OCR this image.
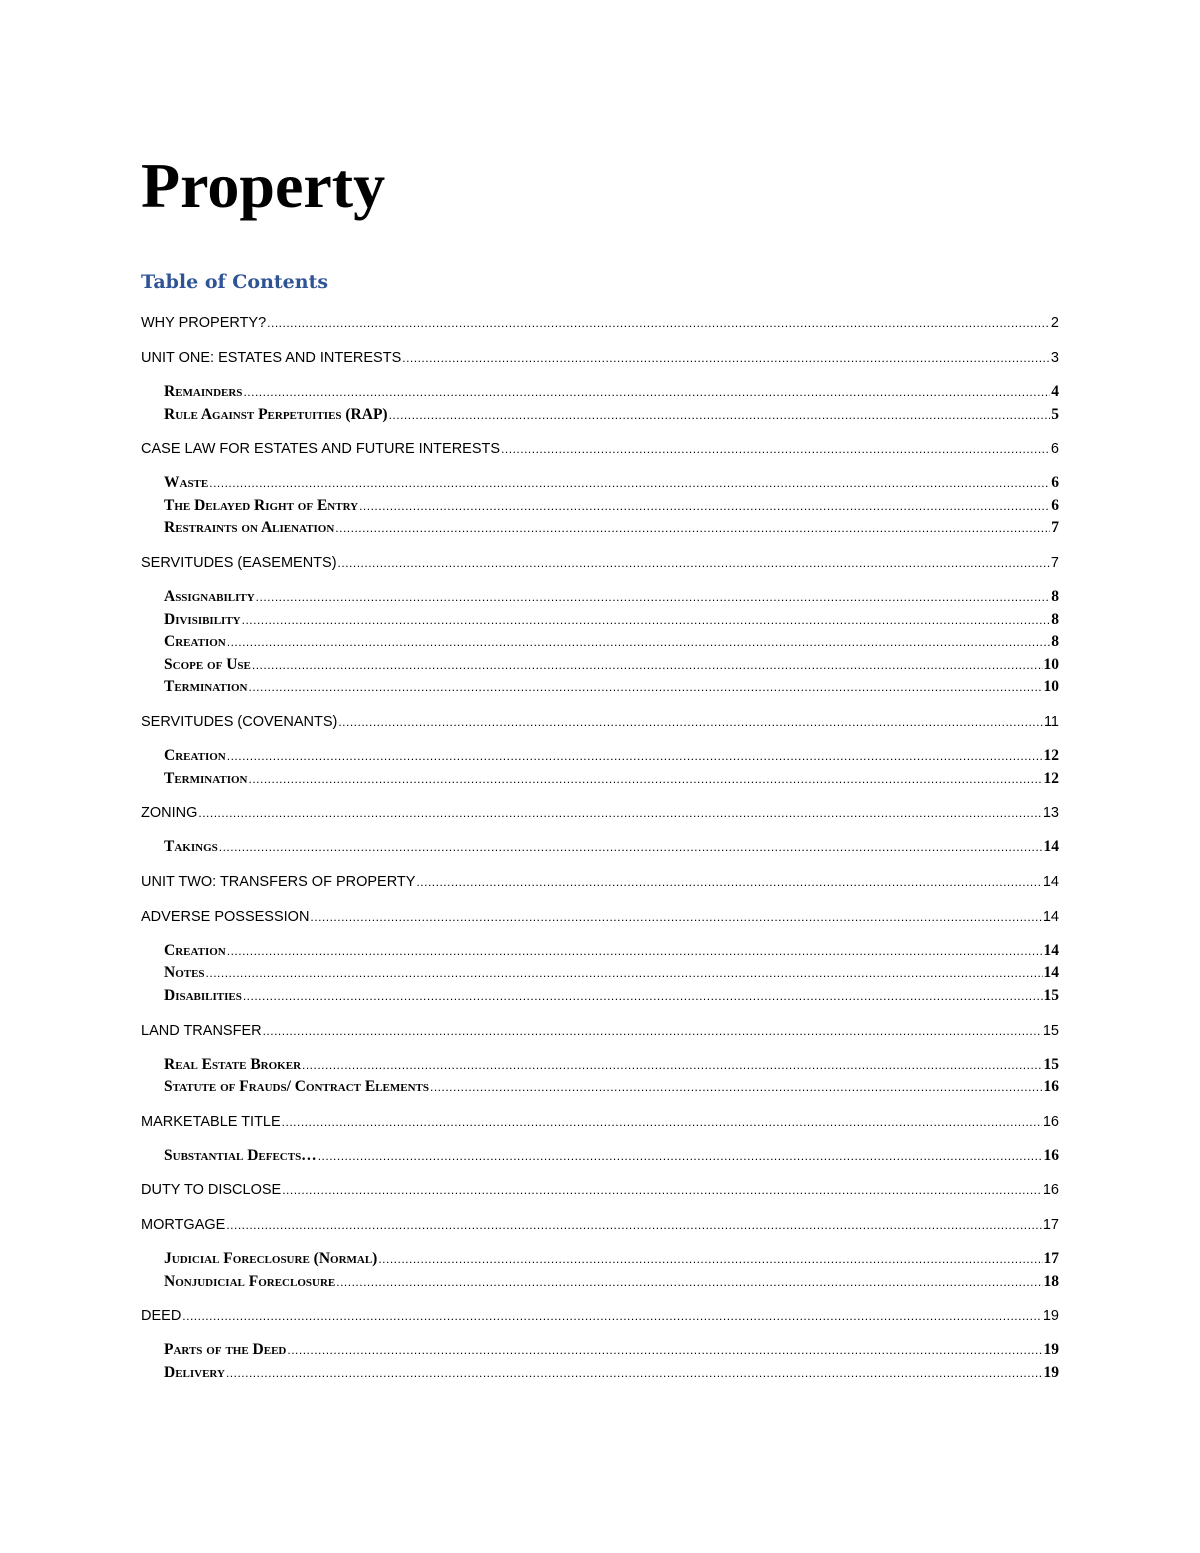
Property
Table of Contents
WHY PROPERTY? .....	2
UNIT ONE: ESTATES AND INTERESTS .....	3
Remainders .....	4
Rule Against Perpetuities (RAP) .....	5
CASE LAW FOR ESTATES AND FUTURE INTERESTS .....	6
Waste .....	6
The Delayed Right of Entry .....	6
Restraints on Alienation .....	7
SERVITUDES (EASEMENTS) .....	7
Assignability .....	8
Divisibility .....	8
Creation .....	8
Scope of Use .....	10
Termination .....	10
SERVITUDES (COVENANTS) .....	11
Creation .....	12
Termination .....	12
ZONING .....	13
Takings .....	14
UNIT TWO: TRANSFERS OF PROPERTY .....	14
ADVERSE POSSESSION .....	14
Creation .....	14
Notes .....	14
Disabilities .....	15
LAND TRANSFER .....	15
Real Estate Broker .....	15
Statute of Frauds/ Contract Elements .....	16
MARKETABLE TITLE .....	16
Substantial Defects… .....	16
DUTY TO DISCLOSE .....	16
MORTGAGE .....	17
Judicial Foreclosure (Normal) .....	17
Nonjudicial Foreclosure .....	18
DEED .....	19
Parts of the Deed .....	19
Delivery .....	19
